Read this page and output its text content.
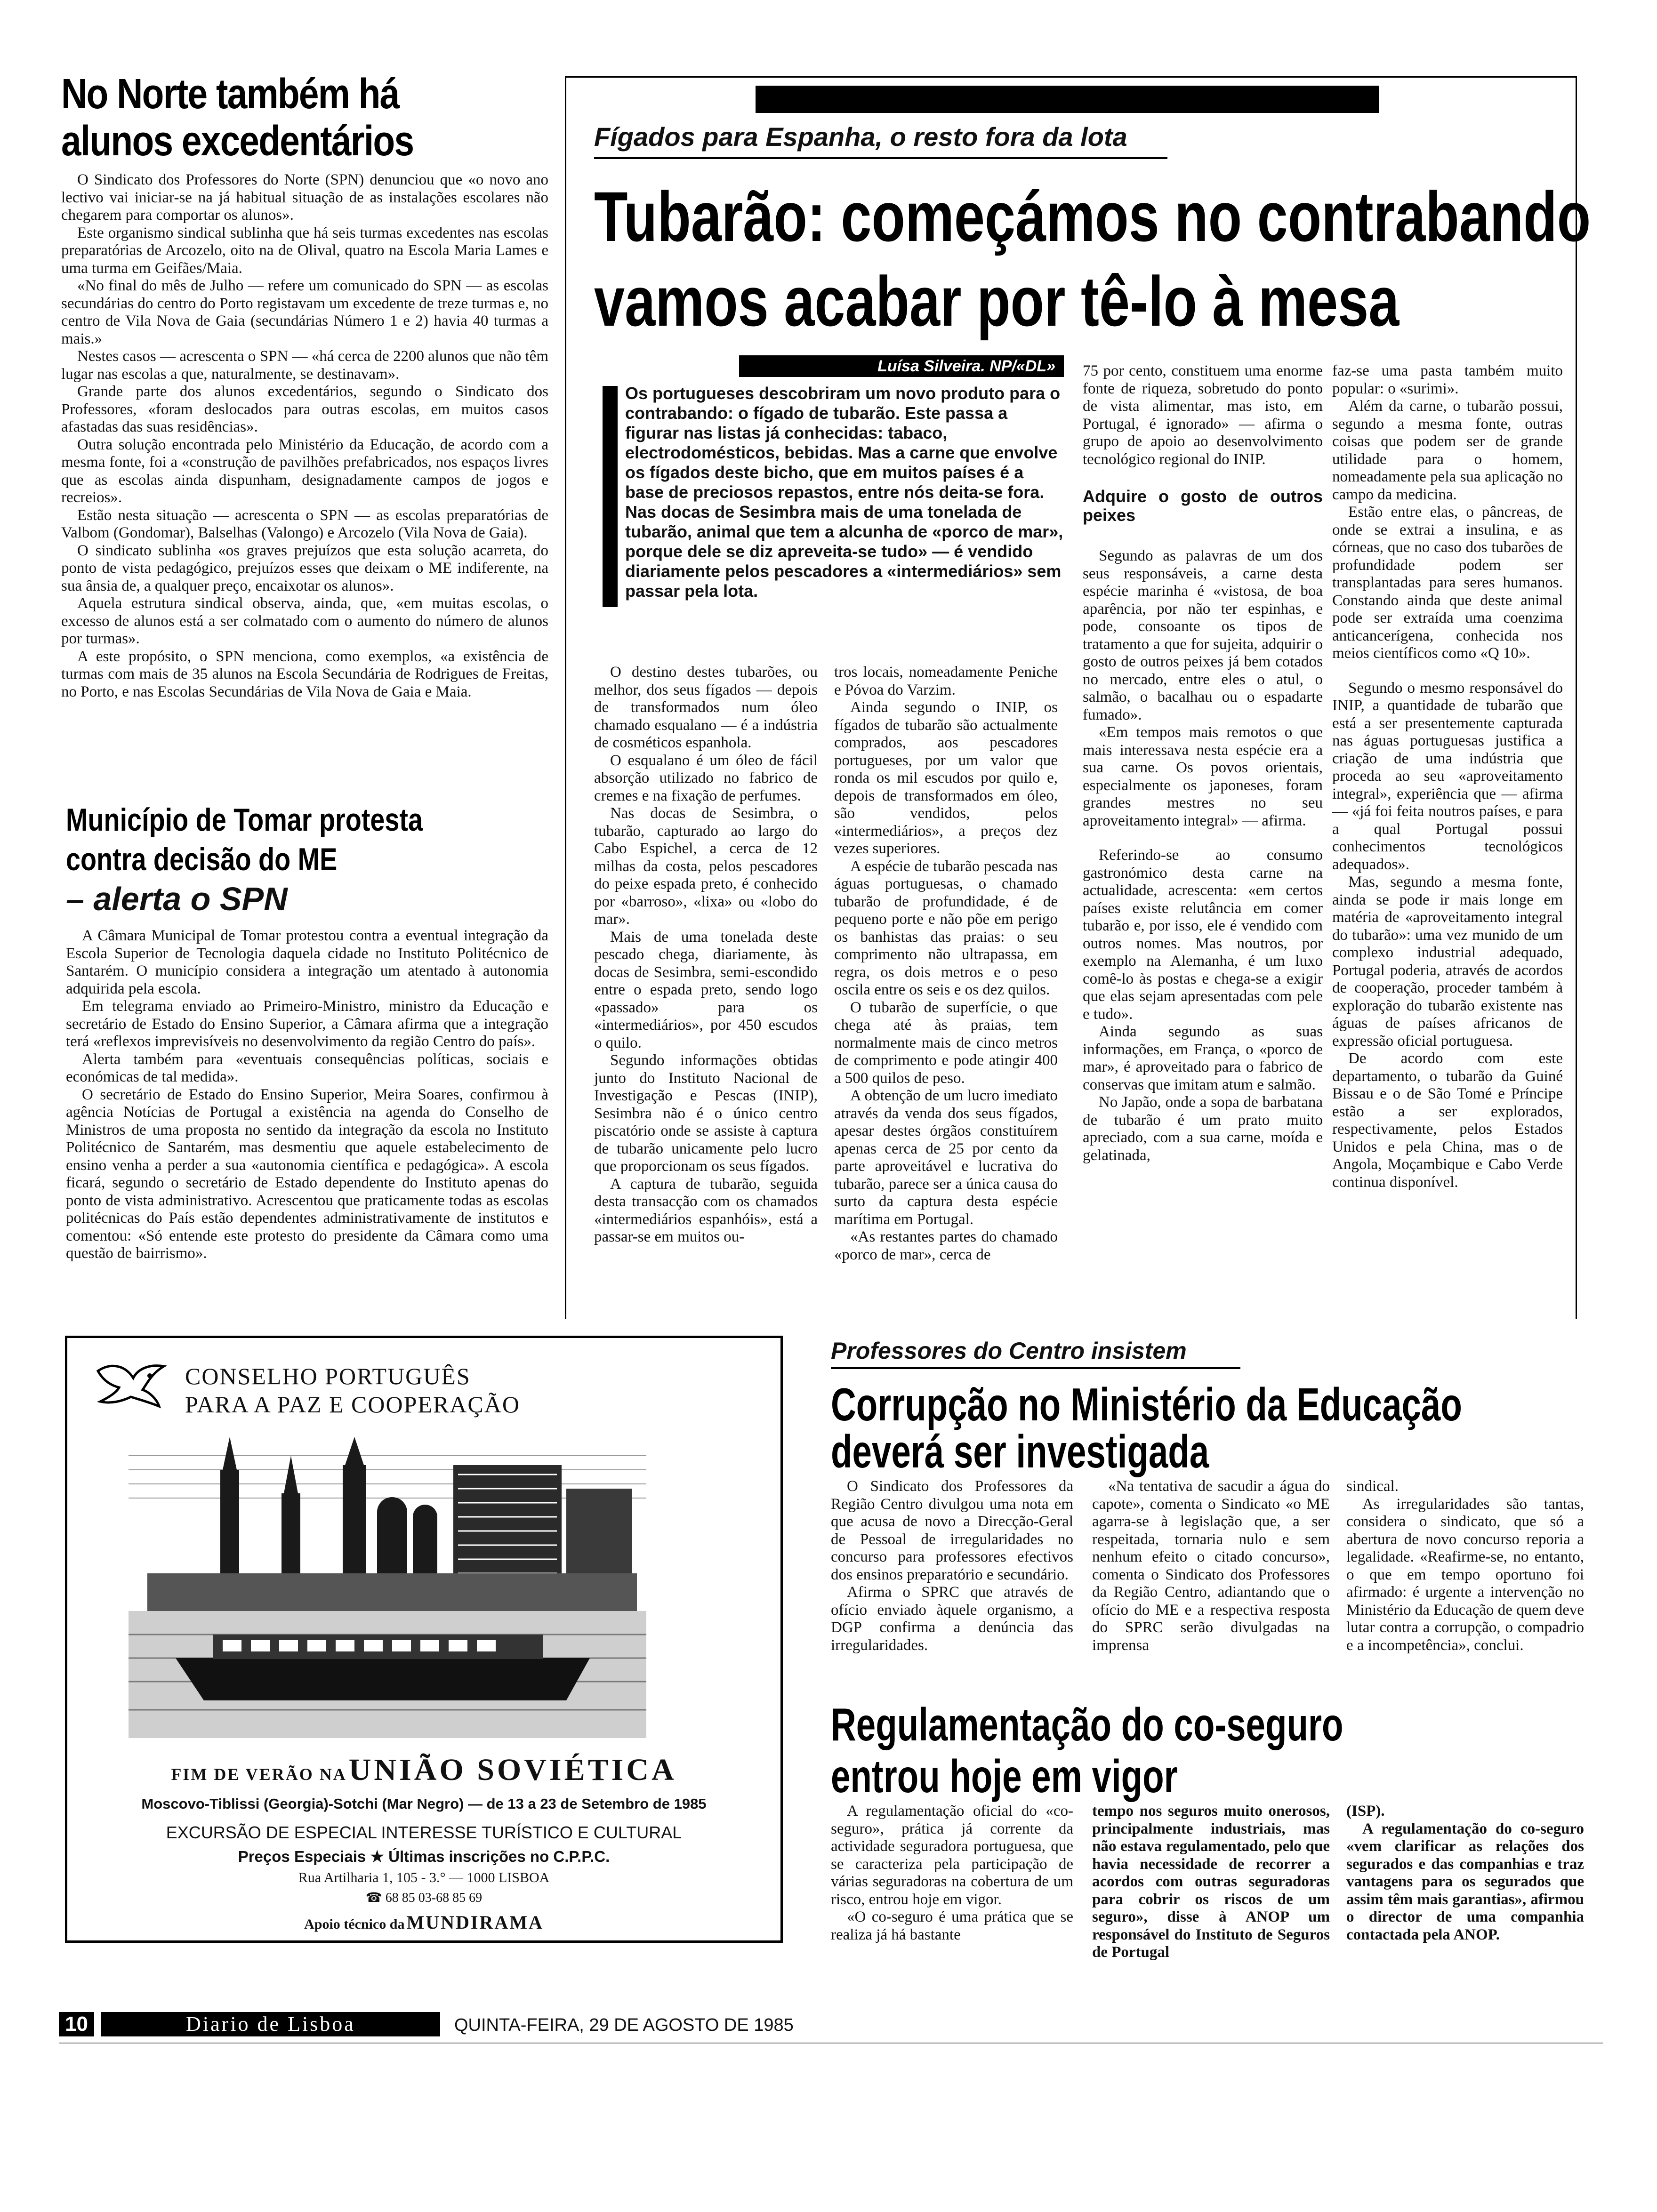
No Norte também há alunos excedentários

O Sindicato dos Professores do Norte (SPN) denunciou que «o novo ano lectivo vai iniciar-se na já habitual situação de as instalações escolares não chegarem para comportar os alunos».

Este organismo sindical sublinha que há seis turmas excedentes nas escolas preparatórias de Arcozelo, oito na de Olival, quatro na Escola Maria Lames e uma turma em Geifães/Maia.

«No final do mês de Julho — refere um comunicado do SPN — as escolas secundárias do centro do Porto registavam um excedente de treze turmas e, no centro de Vila Nova de Gaia (secundárias Número 1 e 2) havia 40 turmas a mais.»

Nestes casos — acrescenta o SPN — «há cerca de 2200 alunos que não têm lugar nas escolas a que, naturalmente, se destinavam».

Grande parte dos alunos excedentários, segundo o Sindicato dos Professores, «foram deslocados para outras escolas, em muitos casos afastadas das suas residências».

Outra solução encontrada pelo Ministério da Educação, de acordo com a mesma fonte, foi a «construção de pavilhões prefabricados, nos espaços livres que as escolas ainda dispunham, designadamente campos de jogos e recreios».

Estão nesta situação — acrescenta o SPN — as escolas preparatórias de Valbom (Gondomar), Balselhas (Valongo) e Arcozelo (Vila Nova de Gaia).

O sindicato sublinha «os graves prejuízos que esta solução acarreta, do ponto de vista pedagógico, prejuízos esses que deixam o ME indiferente, na sua ânsia de, a qualquer preço, encaixotar os alunos».

Aquela estrutura sindical observa, ainda, que, «em muitas escolas, o excesso de alunos está a ser colmatado com o aumento do número de alunos por turmas».

A este propósito, o SPN menciona, como exemplos, «a existência de turmas com mais de 35 alunos na Escola Secundária de Rodrigues de Freitas, no Porto, e nas Escolas Secundárias de Vila Nova de Gaia e Maia.

Município de Tomar protesta
contra decisão do ME
– alerta o SPN

A Câmara Municipal de Tomar protestou contra a eventual integração da Escola Superior de Tecnologia daquela cidade no Instituto Politécnico de Santarém. O município considera a integração um atentado à autonomia adquirida pela escola.

Em telegrama enviado ao Primeiro-Ministro, ministro da Educação e secretário de Estado do Ensino Superior, a Câmara afirma que a integração terá «reflexos imprevisíveis no desenvolvimento da região Centro do país».

Alerta também para «eventuais consequências políticas, sociais e económicas de tal medida».

O secretário de Estado do Ensino Superior, Meira Soares, confirmou à agência Notícias de Portugal a existência na agenda do Conselho de Ministros de uma proposta no sentido da integração da escola no Instituto Politécnico de Santarém, mas desmentiu que aquele estabelecimento de ensino venha a perder a sua «autonomia científica e pedagógica». A escola ficará, segundo o secretário de Estado dependente do Instituto apenas do ponto de vista administrativo. Acrescentou que praticamente todas as escolas politécnicas do País estão dependentes administrativamente de institutos e comentou: «Só entende este protesto do presidente da Câmara como uma questão de bairrismo».

Fígados para Espanha, o resto fora da lota
Tubarão: começámos no contrabando
vamos acabar por tê-lo à mesa
Luísa Silveira. NP/«DL»
Os portugueses descobriram um novo produto para o contrabando: o fígado de tubarão. Este passa a figurar nas listas já conhecidas: tabaco, electrodomésticos, bebidas. Mas a carne que envolve os fígados deste bicho, que em muitos países é a base de preciosos repastos, entre nós deita-se fora. Nas docas de Sesimbra mais de uma tonelada de tubarão, animal que tem a alcunha de «porco de mar», porque dele se diz apreveita-se tudo» — é vendido diariamente pelos pescadores a «intermediários» sem passar pela lota.

O destino destes tubarões, ou melhor, dos seus fígados — depois de transformados num óleo chamado esqualano — é a indústria de cosméticos espanhola.

O esqualano é um óleo de fácil absorção utilizado no fabrico de cremes e na fixação de perfumes.

Nas docas de Sesimbra, o tubarão, capturado ao largo do Cabo Espichel, a cerca de 12 milhas da costa, pelos pescadores do peixe espada preto, é conhecido por «barroso», «lixa» ou «lobo do mar».

Mais de uma tonelada deste pescado chega, diariamente, às docas de Sesimbra, semi-escondido entre o espada preto, sendo logo «passado» para os «intermediários», por 450 escudos o quilo.

Segundo informações obtidas junto do Instituto Nacional de Investigação e Pescas (INIP), Sesimbra não é o único centro piscatório onde se assiste à captura de tubarão unicamente pelo lucro que proporcionam os seus fígados.

A captura de tubarão, seguida desta transacção com os chamados «intermediários espanhóis», está a passar-se em muitos ou-

tros locais, nomeadamente Peniche e Póvoa do Varzim.

Ainda segundo o INIP, os fígados de tubarão são actualmente comprados, aos pescadores portugueses, por um valor que ronda os mil escudos por quilo e, depois de transformados em óleo, são vendidos, pelos «intermediários», a preços dez vezes superiores.

A espécie de tubarão pescada nas águas portuguesas, o chamado tubarão de profundidade, é de pequeno porte e não põe em perigo os banhistas das praias: o seu comprimento não ultrapassa, em regra, os dois metros e o peso oscila entre os seis e os dez quilos.

O tubarão de superfície, o que chega até às praias, tem normalmente mais de cinco metros de comprimento e pode atingir 400 a 500 quilos de peso.

A obtenção de um lucro imediato através da venda dos seus fígados, apesar destes órgãos constituírem apenas cerca de 25 por cento da parte aproveitável e lucrativa do tubarão, parece ser a única causa do surto da captura desta espécie marítima em Portugal.

«As restantes partes do chamado «porco de mar», cerca de

75 por cento, constituem uma enorme fonte de riqueza, sobretudo do ponto de vista alimentar, mas isto, em Portugal, é ignorado» — afirma o grupo de apoio ao desenvolvimento tecnológico regional do INIP.

Adquire o gosto de outros peixes

Segundo as palavras de um dos seus responsáveis, a carne desta espécie marinha é «vistosa, de boa aparência, por não ter espinhas, e pode, consoante os tipos de tratamento a que for sujeita, adquirir o gosto de outros peixes já bem cotados no mercado, entre eles o atul, o salmão, o bacalhau ou o espadarte fumado».

«Em tempos mais remotos o que mais interessava nesta espécie era a sua carne. Os povos orientais, especialmente os japoneses, foram grandes mestres no seu aproveitamento integral» — afirma.

Referindo-se ao consumo gastronómico desta carne na actualidade, acrescenta: «em certos países existe relutância em comer tubarão e, por isso, ele é vendido com outros nomes. Mas noutros, por exemplo na Alemanha, é um luxo comê-lo às postas e chega-se a exigir que elas sejam apresentadas com pele e tudo».

Ainda segundo as suas informações, em França, o «porco de mar», é aproveitado para o fabrico de conservas que imitam atum e salmão.

No Japão, onde a sopa de barbatana de tubarão é um prato muito apreciado, com a sua carne, moída e gelatinada,

faz-se uma pasta também muito popular: o «surimi».

Além da carne, o tubarão possui, segundo a mesma fonte, outras coisas que podem ser de grande utilidade para o homem, nomeadamente pela sua aplicação no campo da medicina.

Estão entre elas, o pâncreas, de onde se extrai a insulina, e as córneas, que no caso dos tubarões de profundidade podem ser transplantadas para seres humanos. Constando ainda que deste animal pode ser extraída uma coenzima anticancerígena, conhecida nos meios científicos como «Q 10».

Segundo o mesmo responsável do INIP, a quantidade de tubarão que está a ser presentemente capturada nas águas portuguesas justifica a criação de uma indústria que proceda ao seu «aproveitamento integral», experiência que — afirma — «já foi feita noutros países, e para a qual Portugal possui conhecimentos tecnológicos adequados».

Mas, segundo a mesma fonte, ainda se pode ir mais longe em matéria de «aproveitamento integral do tubarão»: uma vez munido de um complexo industrial adequado, Portugal poderia, através de acordos de cooperação, proceder também à exploração do tubarão existente nas águas de países africanos de expressão oficial portuguesa.

De acordo com este departamento, o tubarão da Guiné Bissau e o de São Tomé e Príncipe estão a ser explorados, respectivamente, pelos Estados Unidos e pela China, mas o de Angola, Moçambique e Cabo Verde continua disponível.

CONSELHO PORTUGUÊS
PARA A PAZ E COOPERAÇÃO
FIM DE VERÃO NA UNIÃO SOVIÉTICA
Moscovo-Tiblissi (Georgia)-Sotchi (Mar Negro) — de 13 a 23 de Setembro de 1985
EXCURSÃO DE ESPECIAL INTERESSE TURÍSTICO E CULTURAL
Preços Especiais ★ Últimas inscrições no C.P.P.C.
Rua Artilharia 1, 105 - 3.° — 1000 LISBOA
☎ 68 85 03-68 85 69
Apoio técnico da MUNDIRAMA
Professores do Centro insistem
Corrupção no Ministério da Educação
deverá ser investigada

O Sindicato dos Professores da Região Centro divulgou uma nota em que acusa de novo a Direcção-Geral de Pessoal de irregularidades no concurso para professores efectivos dos ensinos preparatório e secundário.

Afirma o SPRC que através de ofício enviado àquele organismo, a DGP confirma a denúncia das irregularidades.

«Na tentativa de sacudir a água do capote», comenta o Sindicato «o ME agarra-se à legislação que, a ser respeitada, tornaria nulo e sem nenhum efeito o citado concurso», comenta o Sindicato dos Professores da Região Centro, adiantando que o ofício do ME e a respectiva resposta do SPRC serão divulgadas na imprensa

sindical.

As irregularidades são tantas, considera o sindicato, que só a abertura de novo concurso reporia a legalidade. «Reafirme-se, no entanto, o que em tempo oportuno foi afirmado: é urgente a intervenção no Ministério da Educação de quem deve lutar contra a corrupção, o compadrio e a incompetência», conclui.

Regulamentação do co-seguro
entrou hoje em vigor

A regulamentação oficial do «co-seguro», prática já corrente da actividade seguradora portuguesa, que se caracteriza pela participação de várias seguradoras na cobertura de um risco, entrou hoje em vigor.

«O co-seguro é uma prática que se realiza já há bastante

tempo nos seguros muito onerosos, principalmente industriais, mas não estava regulamentado, pelo que havia necessidade de recorrer a acordos com outras seguradoras para cobrir os riscos de um seguro», disse à ANOP um responsável do Instituto de Seguros de Portugal

(ISP).

A regulamentação do co-seguro «vem clarificar as relações dos segurados e das companhias e traz vantagens para os segurados que assim têm mais garantias», afirmou o director de uma companhia contactada pela ANOP.

10	Diario de Lisboa	QUINTA-FEIRA, 29 DE AGOSTO DE 1985
